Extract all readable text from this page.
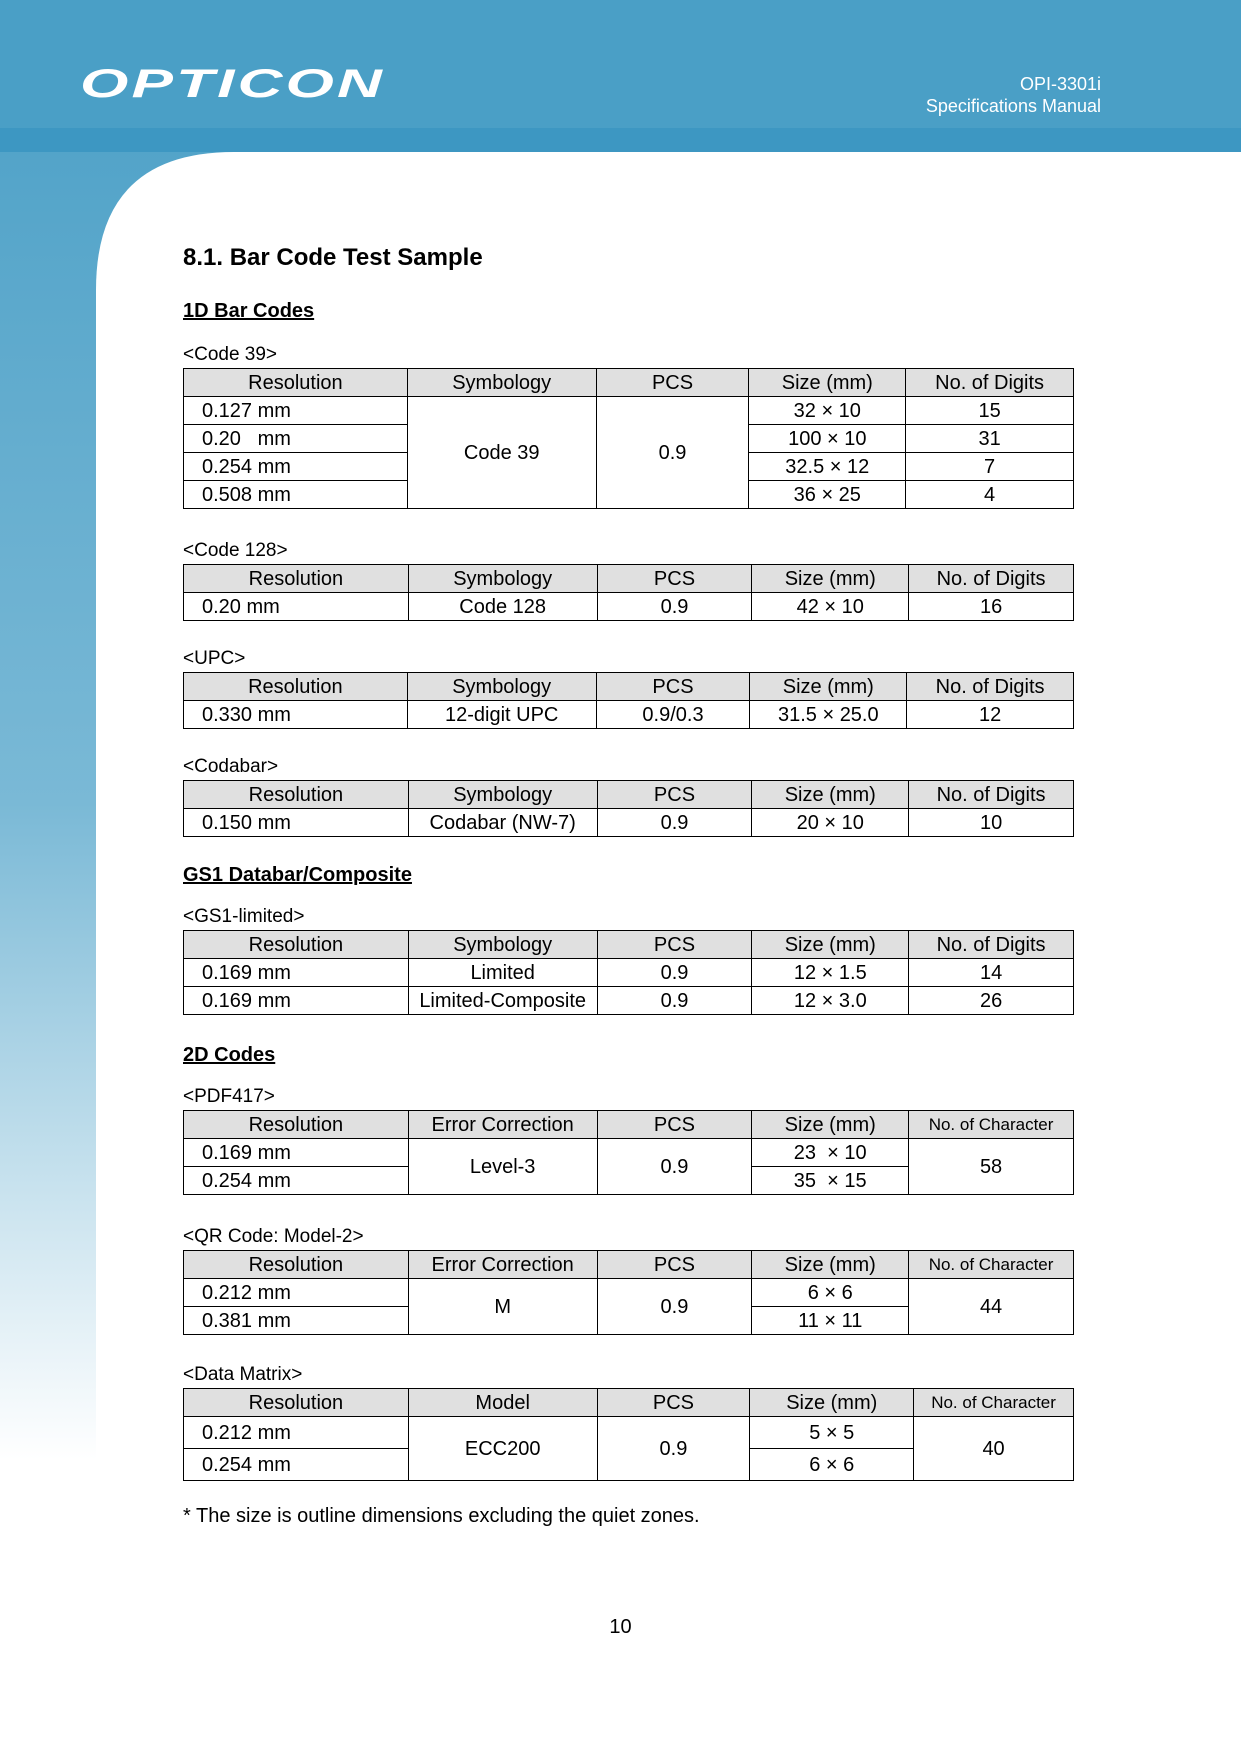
OPTICON	OPI-3301i
Specifications Manual
8.1. Bar Code Test Sample
1D Bar Codes
<Code 39>
Resolution	Symbology	PCS	Size (mm)	No. of Digits
0.127 mm	Code 39	0.9	32 × 10	15
0.20   mm			100 × 10	31
0.254 mm			32.5 × 12	7
0.508 mm			36 × 25	4
<Code 128>
Resolution	Symbology	PCS	Size (mm)	No. of Digits
0.20 mm	Code 128	0.9	42 × 10	16
<UPC>
Resolution	Symbology	PCS	Size (mm)	No. of Digits
0.330 mm	12-digit UPC	0.9/0.3	31.5 × 25.0	12
<Codabar>
Resolution	Symbology	PCS	Size (mm)	No. of Digits
0.150 mm	Codabar (NW-7)	0.9	20 × 10	10
GS1 Databar/Composite
<GS1-limited>
Resolution	Symbology	PCS	Size (mm)	No. of Digits
0.169 mm	Limited	0.9	12 × 1.5	14
0.169 mm	Limited-Composite	0.9	12 × 3.0	26
2D Codes
<PDF417>
Resolution	Error Correction	PCS	Size (mm)	No. of Character
0.169 mm	Level-3	0.9	23  × 10	58
0.254 mm			35  × 15	
<QR Code: Model-2>
Resolution	Error Correction	PCS	Size (mm)	No. of Character
0.212 mm	M	0.9	6 × 6	44
0.381 mm			11 × 11	
<Data Matrix>
Resolution	Model	PCS	Size (mm)	No. of Character
0.212 mm	ECC200	0.9	5 × 5	40
0.254 mm			6 × 6	
* The size is outline dimensions excluding the quiet zones.
10
